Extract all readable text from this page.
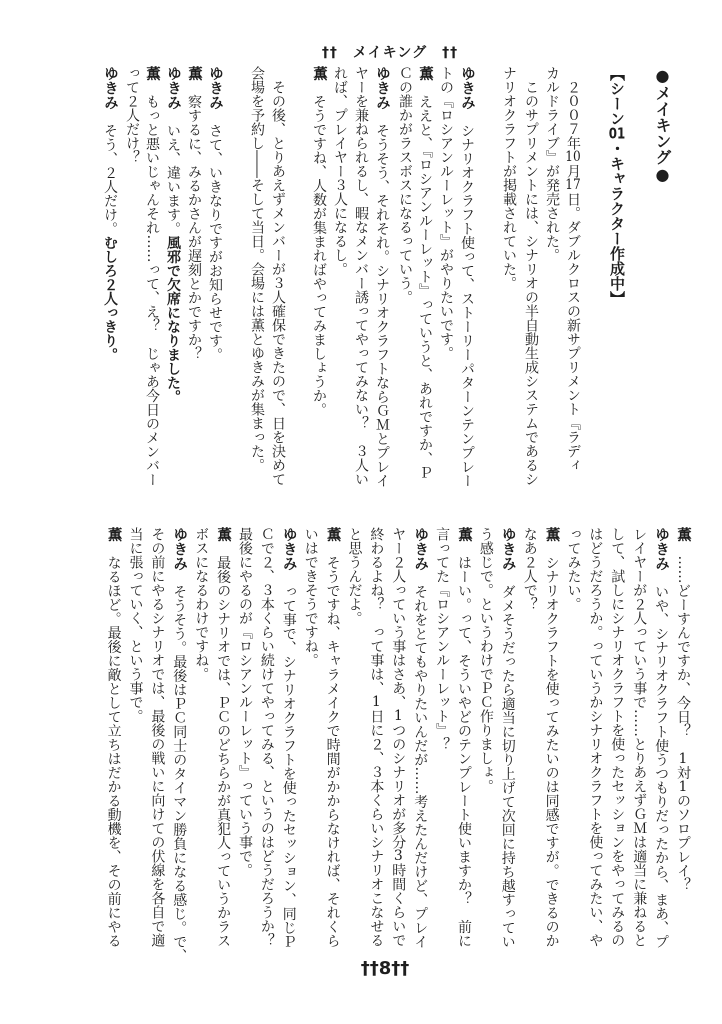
††　メイキング　††
●メイキング●
【シーン01・キャラクター作成中】
　２００７年10月17日。ダブルクロスの新サプリメント『ラディ
カルドライブ』が発売された。
　このサプリメントには、シナリオの半自動生成システムであるシ
ナリオクラフトが掲載されていた。
ゆきみ　シナリオクラフト使って、ストーリーパターンテンプレー
トの『ロシアンルーレット』がやりたいです。
薫　ええと、『ロシアンルーレット』っていうと、あれですか、Ｐ
Ｃの誰かがラスボスになるっていう。
ゆきみ　そうそう、それそれ。シナリオクラフトならＧＭとプレイ
ヤーを兼ねられるし、暇なメンバー誘ってやってみない？　３人い
れば、プレイヤー３人になるし。
薫　そうですね、人数が集まればやってみましょうか。
　その後、とりあえずメンバーが３人確保できたので、日を決めて
会場を予約し――そして当日。会場には薫とゆきみが集まった。
ゆきみ　さて、いきなりですがお知らせです。
薫　察するに、みるかさんが遅刻とかですか？
ゆきみ　いえ、違います。風邪で欠席になりました。
薫　もっと悪いじゃんそれ……って、え？　じゃあ今日のメンバー
って２人だけ？
ゆきみ　そう、２人だけ。むしろ２人っきり。
薫　……どーすんですか、今日？　1対1のソロプレイ？
ゆきみ　いや、シナリオクラフト使うつもりだったから、まあ、プ
レイヤーが２人っていう事で……とりあえずＧＭは適当に兼ねると
して、試しにシナリオクラフトを使ったセッションをやってみるの
はどうだろうか。っていうかシナリオクラフトを使ってみたい、や
ってみたい。
薫　シナリオクラフトを使ってみたいのは同感ですが。できるのか
なあ２人で？
ゆきみ　ダメそうだったら適当に切り上げて次回に持ち越すってい
う感じで。というわけでＰＣ作りましょ。
薫　はーい。って、そういやどのテンプレート使いますか？　前に
言ってた『ロシアンルーレット』？
ゆきみ　それをとてもやりたいんだが……考えたんだけど、プレイ
ヤー２人っていう事はさあ、1つのシナリオが多分3時間くらいで
終わるよね？　って事は、1日に２、３本くらいシナリオこなせる
と思うんだよ。
薫　そうですね、キャラメイクで時間がかからなければ、それくら
いはできそうですね。
ゆきみ　って事で、シナリオクラフトを使ったセッション、同じＰ
Ｃで２、３本くらい続けてやってみる、というのはどうだろうか？
最後にやるのが『ロシアンルーレット』っていう事で。
薫　最後のシナリオでは、ＰＣのどちらかが真犯人っていうかラス
ボスになるわけですね。
ゆきみ　そうそう。最後はＰＣ同士のタイマン勝負になる感じ。で、
その前にやるシナリオでは、最後の戦いに向けての伏線を各自で適
当に張っていく、という事で。
薫　なるほど。最後に敵として立ちはだかる動機を、その前にやる
††8††
